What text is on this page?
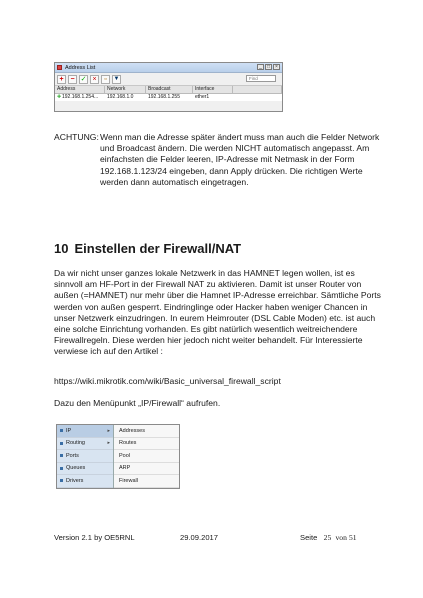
Address List	_	□	×
+ − ✓ ×	▫	▼	Find
Address	Network	Broadcast	Interface
✚192.168.1.254...	192.168.1.0	192.168.1.255	ether1
ACHTUNG: Wenn man die Adresse später ändert muss man auch die Felder Network und Broadcast ändern. Die werden NICHT automatisch angepasst. Am einfachsten die Felder leeren, IP-Adresse mit Netmask in der Form 192.168.1.123/24 eingeben, dann Apply drücken. Die richtigen Werte werden dann automatisch eingetragen.
10 Einstellen der Firewall/NAT

Da wir nicht unser ganzes lokale Netzwerk in das HAMNET legen wollen, ist es sinnvoll am HF-Port in der Firewall NAT zu aktivieren. Damit ist unser Router von außen (=HAMNET) nur mehr über die Hamnet IP-Adresse erreichbar. Sämtliche Ports werden von außen gesperrt. Eindringlinge oder Hacker haben weniger Chancen in unser Netzwerk einzudringen. In eurem Heimrouter (DSL Cable Moden) etc. ist auch eine solche Einrichtung vorhanden. Es gibt natürlich wesentlich weitreichendere Firewallregeln. Diese werden hier jedoch nicht weiter behandelt. Für Interessierte verwiese ich auf den Artikel :

https://wiki.mikrotik.com/wiki/Basic_universal_firewall_script

Dazu den Menüpunkt „IP/Firewall“ aufrufen.

IP	▸
Routing	▸
Ports
Queues
Drivers
Addresses
Routes
Pool
ARP
Firewall
Version 2.1 by OE5RNL	29.09.2017	Seite 25 von 51
